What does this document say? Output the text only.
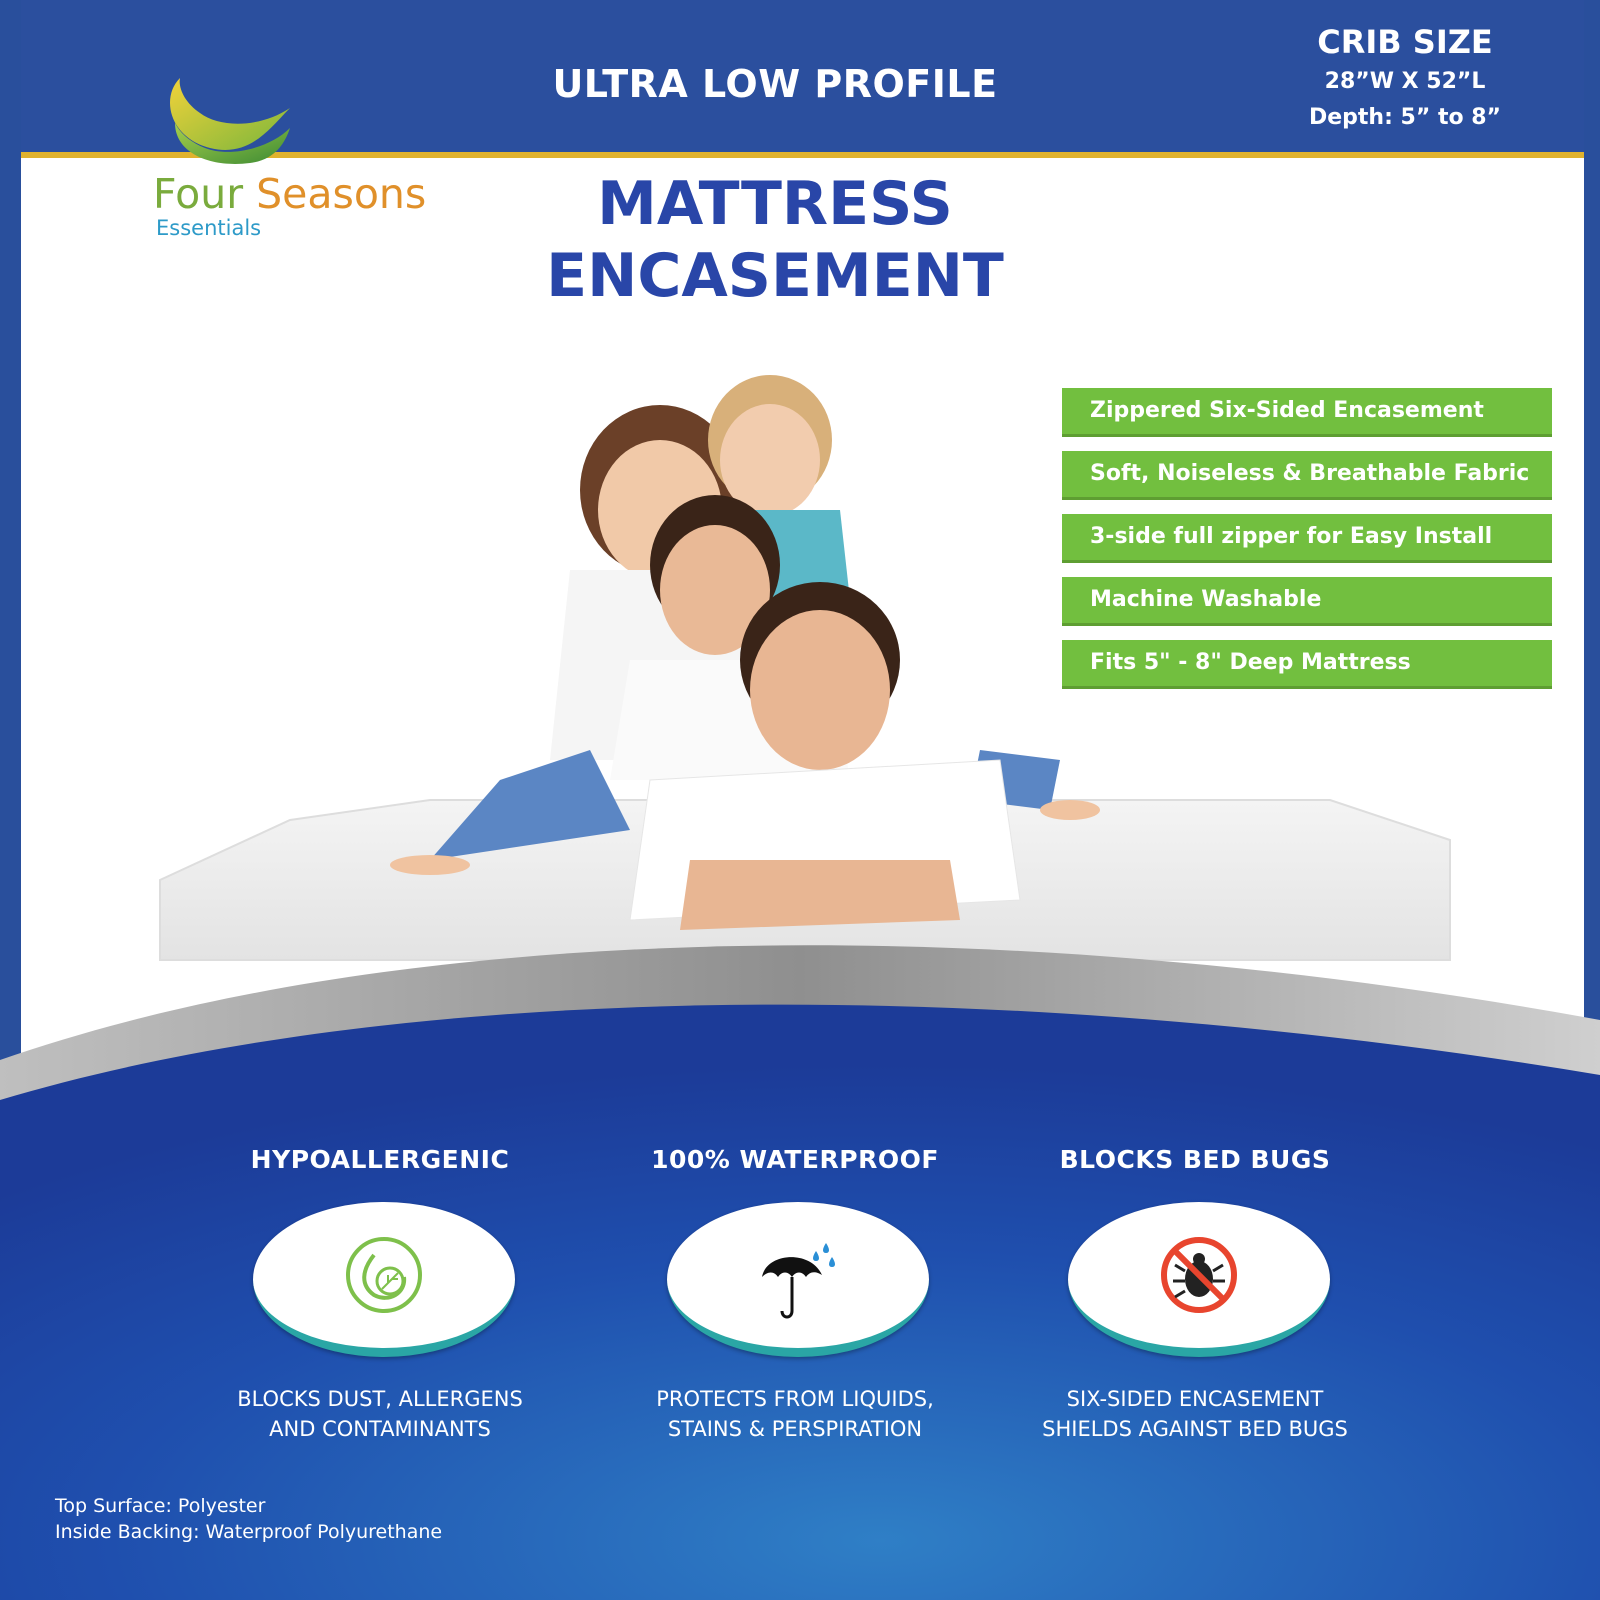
ULTRA LOW PROFILE
CRIB SIZE
28”W X 52”L
Depth: 5” to 8”
Four Seasons
Essentials	MATTRESS
ENCASEMENT
Zippered Six-Sided Encasement
Soft, Noiseless & Breathable Fabric
3-side full zipper for Easy Install
Machine Washable
Fits 5" - 8" Deep Mattress
HYPOALLERGENIC
BLOCKS DUST, ALLERGENS
AND CONTAMINANTS
100% WATERPROOF
PROTECTS FROM LIQUIDS,
STAINS & PERSPIRATION
BLOCKS BED BUGS
SIX-SIDED ENCASEMENT
SHIELDS AGAINST BED BUGS
Top Surface: Polyester
Inside Backing: Waterproof Polyurethane
